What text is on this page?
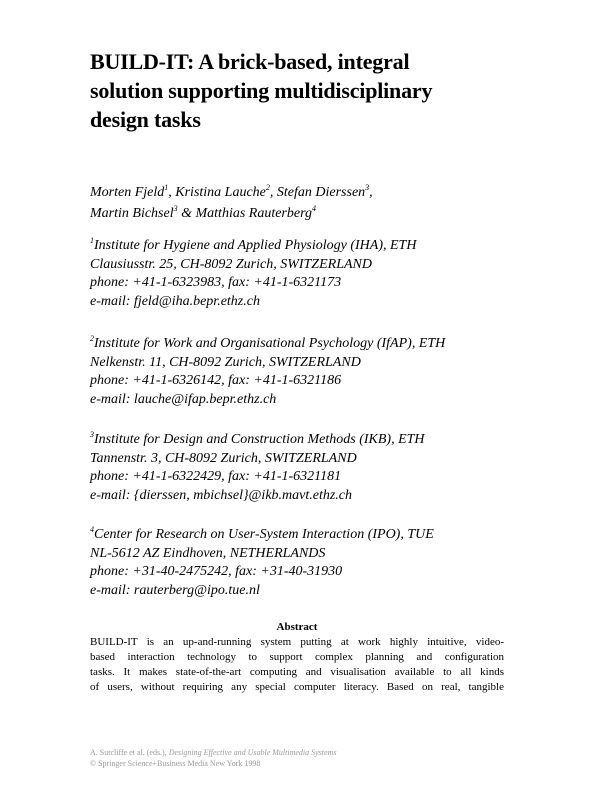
BUILD-IT: A brick-based, integral
solution supporting multidisciplinary
design tasks
Morten Fjeld$^1$, Kristina Lauche$^2$, Stefan Dierssen$^3$,
Martin Bichsel$^3$ & Matthias Rauterberg$^4$
$^1$Institute for Hygiene and Applied Physiology (IHA), ETH
Clausiusstr. 25, CH-8092 Zurich, SWITZERLAND
phone: +41-1-6323983, fax: +41-1-6321173
e-mail: fjeld@iha.bepr.ethz.ch
$^2$Institute for Work and Organisational Psychology (IfAP), ETH
Nelkenstr. 11, CH-8092 Zurich, SWITZERLAND
phone: +41-1-6326142, fax: +41-1-6321186
e-mail: lauche@ifap.bepr.ethz.ch
$^3$Institute for Design and Construction Methods (IKB), ETH
Tannenstr. 3, CH-8092 Zurich, SWITZERLAND
phone: +41-1-6322429, fax: +41-1-6321181
e-mail: {dierssen, mbichsel}@ikb.mavt.ethz.ch
$^4$Center for Research on User-System Interaction (IPO), TUE
NL-5612 AZ Eindhoven, NETHERLANDS
phone: +31-40-2475242, fax: +31-40-31930
e-mail: rauterberg@ipo.tue.nl
Abstract
BUILD-IT is an up-and-running system putting at work highly intuitive, video-
based interaction technology to support complex planning and configuration
tasks. It makes state-of-the-art computing and visualisation available to all kinds
of users, without requiring any special computer literacy. Based on real, tangible
A. Sutcliffe et al. (eds.), Designing Effective and Usable Multimedia Systems
© Springer Science+Business Media New York 1998
